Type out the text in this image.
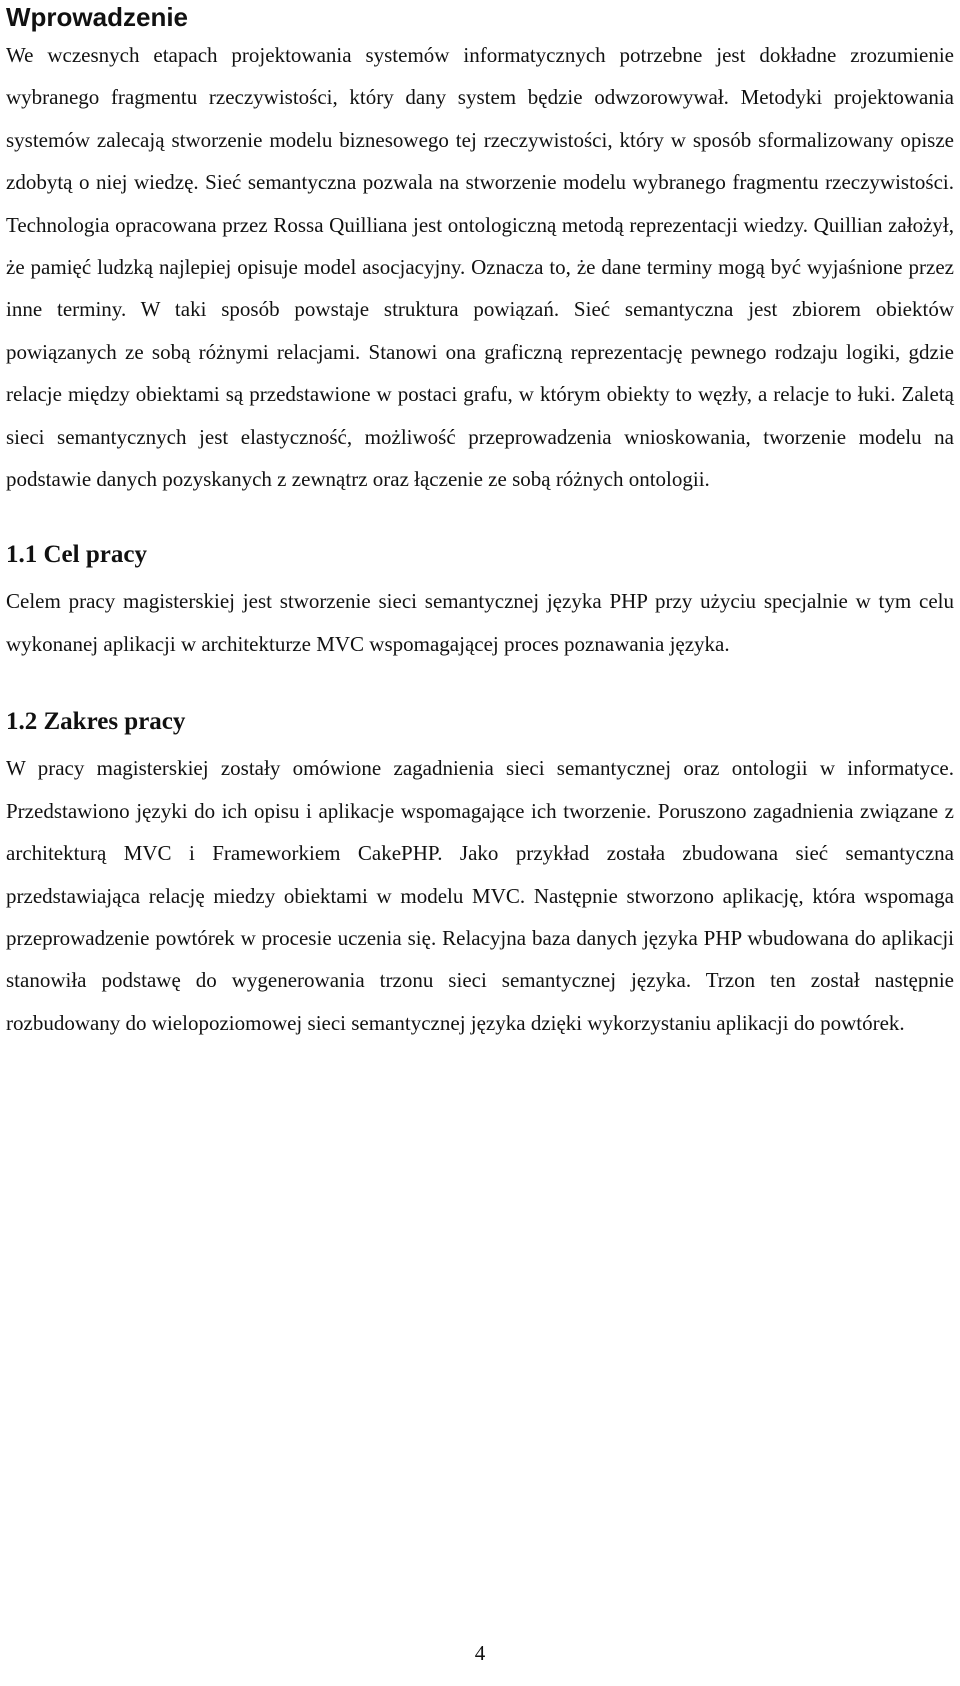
Wprowadzenie

We wczesnych etapach projektowania systemów informatycznych potrzebne jest dokładne zrozumienie wybranego fragmentu rzeczywistości, który dany system będzie odwzorowywał. Metodyki projektowania systemów zalecają stworzenie modelu biznesowego tej rzeczywistości, który w sposób sformalizowany opisze zdobytą o niej wiedzę. Sieć semantyczna pozwala na stworzenie modelu wybranego fragmentu rzeczywistości. Technologia opracowana przez Rossa Quilliana jest ontologiczną metodą reprezentacji wiedzy. Quillian założył, że pamięć ludzką najlepiej opisuje model asocjacyjny. Oznacza to, że dane terminy mogą być wyjaśnione przez inne terminy. W taki sposób powstaje struktura powiązań. Sieć semantyczna jest zbiorem obiektów powiązanych ze sobą różnymi relacjami. Stanowi ona graficzną reprezentację pewnego rodzaju logiki, gdzie relacje między obiektami są przedstawione w postaci grafu, w którym obiekty to węzły, a relacje to łuki. Zaletą sieci semantycznych jest elastyczność, możliwość przeprowadzenia wnioskowania, tworzenie modelu na podstawie danych pozyskanych z zewnątrz oraz łączenie ze sobą różnych ontologii.

1.1 Cel pracy

Celem pracy magisterskiej jest stworzenie sieci semantycznej języka PHP przy użyciu specjalnie w tym celu wykonanej aplikacji w architekturze MVC wspomagającej proces poznawania języka.

1.2 Zakres pracy

W pracy magisterskiej zostały omówione zagadnienia sieci semantycznej oraz ontologii w informatyce. Przedstawiono języki do ich opisu i aplikacje wspomagające ich tworzenie. Poruszono zagadnienia związane z architekturą MVC i Frameworkiem CakePHP. Jako przykład została zbudowana sieć semantyczna przedstawiająca relację miedzy obiektami w modelu MVC. Następnie stworzono aplikację, która wspomaga przeprowadzenie powtórek w procesie uczenia się. Relacyjna baza danych języka PHP wbudowana do aplikacji stanowiła podstawę do wygenerowania trzonu sieci semantycznej języka. Trzon ten został następnie rozbudowany do wielopoziomowej sieci semantycznej języka dzięki wykorzystaniu aplikacji do powtórek.

4
